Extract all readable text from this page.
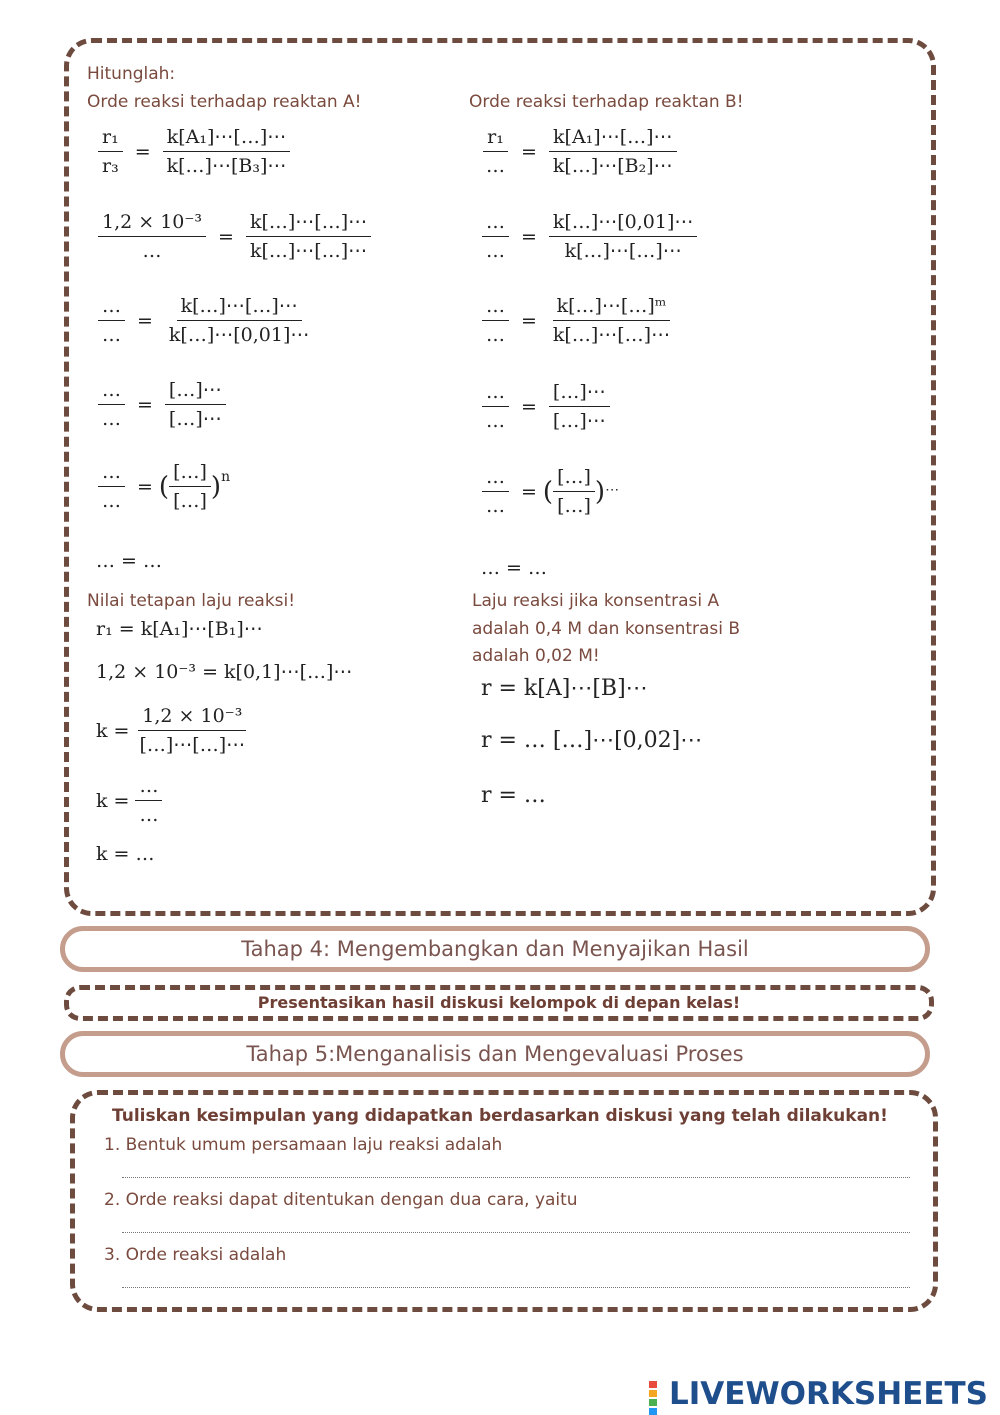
Hitunglah:
Orde reaksi terhadap reaktan A!	Orde reaksi terhadap reaktan B!
$\frac{\text{r₁}}{\text{r₃}} = \frac{\text{k[A₁]⋯[…]⋯}}{\text{k[…]⋯[B₃]⋯}}$
$\frac{\text{1,2 × 10⁻³}}{\dots} = \frac{k[\dots]\cdots[\dots]\cdots}{k[\dots]\cdots[\dots]\cdots}$
$\frac{\dots}{\dots} = \frac{k[\dots]\cdots[\dots]\cdots}{k[\dots]\cdots[0,01]\cdots}$
$\frac{\dots}{\dots} = \frac{[\dots]\cdots}{[\dots]\cdots}$
$\frac{\dots}{\dots}$ = ( $\frac{[\dots]}{[\dots]} )^n$
… = …
$\frac{\text{r₁}}{\dots} = \frac{\text{k[A₁]⋯[…]⋯}}{\text{k[…]⋯[B₂]⋯}}$
$\frac{\dots}{\dots} = \frac{k[\dots]\cdots[0,01]\cdots}{k[\dots]\cdots[\dots]\cdots}$
$\frac{\dots}{\dots} = \frac{\text{k[…]⋯[…]ᵐ}}{k[\dots]\cdots[\dots]\cdots}$
$\frac{\dots}{\dots} = \frac{[\dots]\cdots}{[\dots]\cdots}$
$\frac{\dots}{\dots}$ = ( $\frac{[\dots]}{[\dots]} )^\cdots$
… = …
Nilai tetapan laju reaksi!
r₁ = k[A₁]⋯[B₁]⋯
1,2 × 10⁻³ = k[0,1]⋯[…]⋯
$k = \frac{\text{1,2 × 10⁻³}}{[\dots]\cdots[\dots]\cdots}$
$k = \frac{\dots}{\dots}$
k = …
Laju reaksi jika konsentrasi A
adalah 0,4 M dan konsentrasi B
adalah 0,02 M!
r = k[A]⋯[B]⋯
r = … […]⋯[0,02]⋯
r = …
Tahap 4: Mengembangkan dan Menyajikan Hasil
Presentasikan hasil diskusi kelompok di depan kelas!
Tahap 5:Menganalisis dan Mengevaluasi Proses
Tuliskan kesimpulan yang didapatkan berdasarkan diskusi yang telah dilakukan!
1. Bentuk umum persamaan laju reaksi adalah
2. Orde reaksi dapat ditentukan dengan dua cara, yaitu
3. Orde reaksi adalah
LIVEWORKSHEETS
